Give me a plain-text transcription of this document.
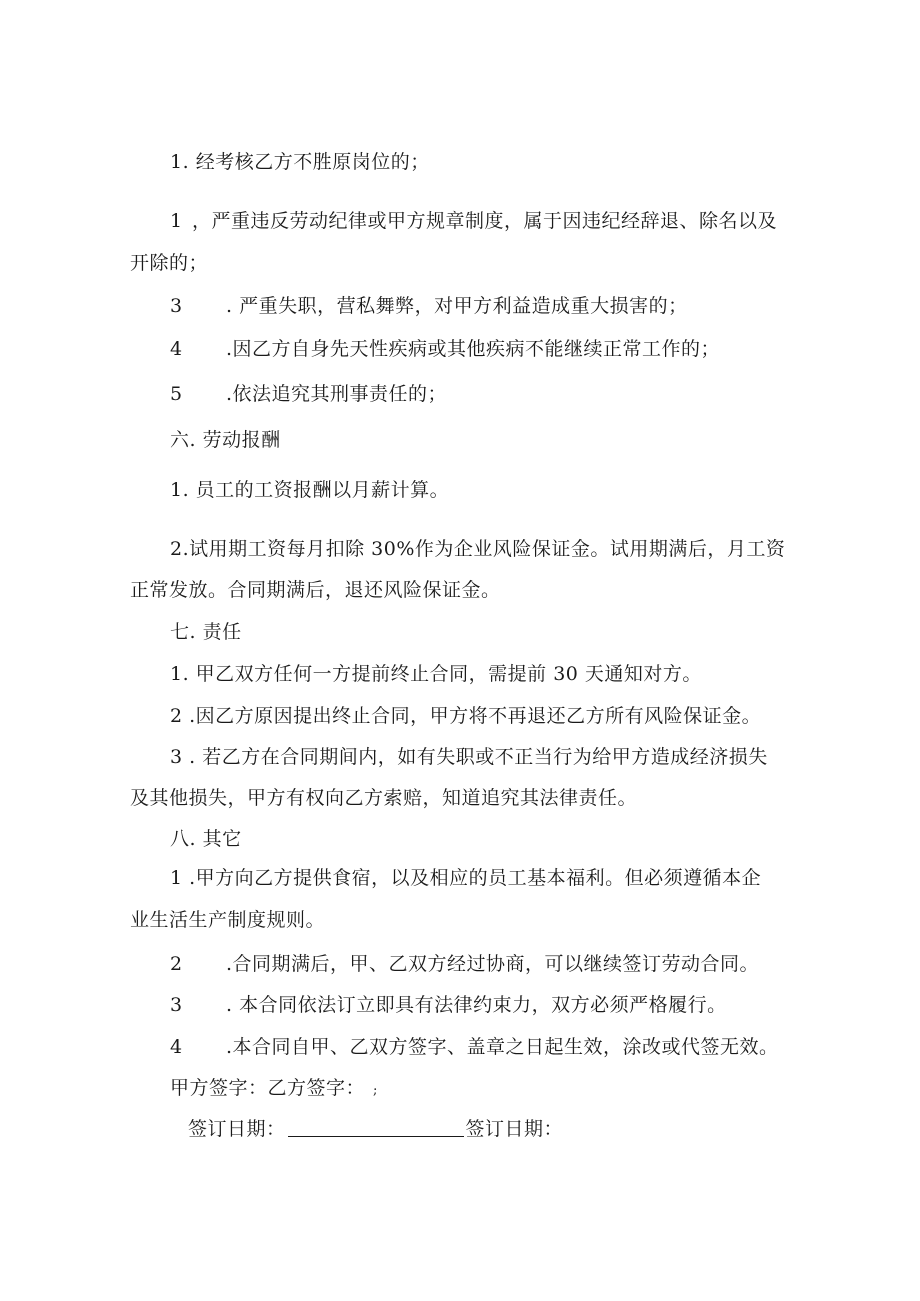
1. 经考核乙方不胜原岗位的；
1 ，严重违反劳动纪律或甲方规章制度，属于因违纪经辞退、除名以及
开除的；
3 . 严重失职，营私舞弊，对甲方利益造成重大损害的；
4 .因乙方自身先天性疾病或其他疾病不能继续正常工作的；
5 .依法追究其刑事责任的；
六. 劳动报酬
1. 员工的工资报酬以月薪计算。
2.试用期工资每月扣除 30%作为企业风险保证金。试用期满后，月工资
正常发放。合同期满后，退还风险保证金。
七. 责任
1. 甲乙双方任何一方提前终止合同，需提前 30 天通知对方。
2 .因乙方原因提出终止合同，甲方将不再退还乙方所有风险保证金。
3 . 若乙方在合同期间内，如有失职或不正当行为给甲方造成经济损失
及其他损失，甲方有权向乙方索赔，知道追究其法律责任。
八. 其它
1 .甲方向乙方提供食宿，以及相应的员工基本福利。但必须遵循本企
业生活生产制度规则。
2 .合同期满后，甲、乙双方经过协商，可以继续签订劳动合同。
3 . 本合同依法订立即具有法律约束力，双方必须严格履行。
4 .本合同自甲、乙双方签字、盖章之日起生效，涂改或代签无效。
甲方签字：乙方签字： ;
签订日期：	签订日期：
